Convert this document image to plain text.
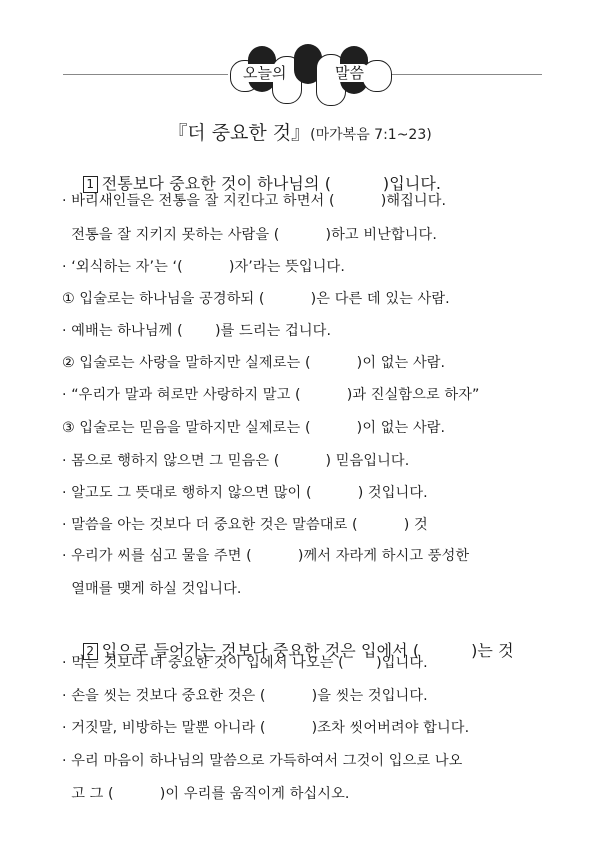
오늘의	말씀
『더 중요한 것』(마가복음 7:1~23)

1 전통보다 중요한 것이 하나님의 (          )입니다.

· 바리새인들은 전통을 잘 지킨다고 하면서 (          )해집니다.
전통을 잘 지키지 못하는 사람을 (          )하고 비난합니다.
· ‘외식하는 자’는 ‘(          )자’라는 뜻입니다.
① 입술로는 하나님을 공경하되 (          )은 다른 데 있는 사람.
· 예배는 하나님께 (       )를 드리는 겁니다.
② 입술로는 사랑을 말하지만 실제로는 (          )이 없는 사람.
· “우리가 말과 혀로만 사랑하지 말고 (          )과 진실함으로 하자”
③ 입술로는 믿음을 말하지만 실제로는 (          )이 없는 사람.
· 몸으로 행하지 않으면 그 믿음은 (          ) 믿음입니다.
· 알고도 그 뜻대로 행하지 않으면 많이 (          ) 것입니다.
· 말씀을 아는 것보다 더 중요한 것은 말씀대로 (          ) 것
· 우리가 씨를 심고 물을 주면 (          )께서 자라게 하시고 풍성한
열매를 맺게 하실 것입니다.

2 입으로 들어가는 것보다 중요한 것은 입에서 (          )는 것

· 먹는 것보다 더 중요한 것이 입에서 나오는 (       )입니다.
· 손을 씻는 것보다 중요한 것은 (          )을 씻는 것입니다.
· 거짓말, 비방하는 말뿐 아니라 (          )조차 씻어버려야 합니다.
· 우리 마음이 하나님의 말씀으로 가득하여서 그것이 입으로 나오
고 그 (          )이 우리를 움직이게 하십시오.
